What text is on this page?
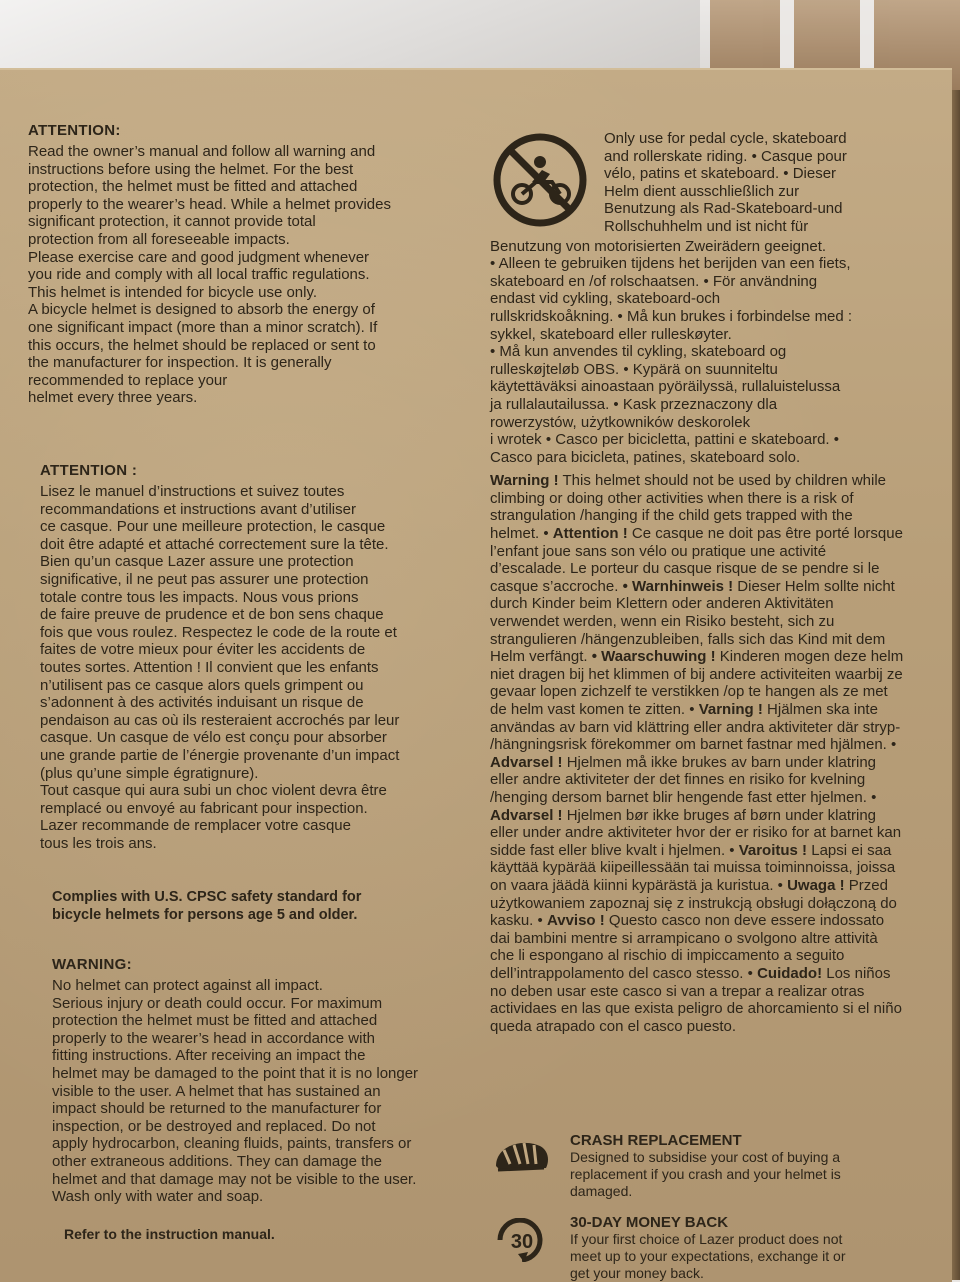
ATTENTION:
Read the owner’s manual and follow all warning and
instructions before using the helmet. For the best
protection, the helmet must be fitted and attached
properly to the wearer’s head. While a helmet provides
significant protection, it cannot provide total
protection from all foreseeable impacts.
Please exercise care and good judgment whenever
you ride and comply with all local traffic regulations.
This helmet is intended for bicycle use only.
A bicycle helmet is designed to absorb the energy of
one significant impact (more than a minor scratch). If
this occurs, the helmet should be replaced or sent to
the manufacturer for inspection. It is generally
recommended to replace your
helmet every three years.
ATTENTION :
Lisez le manuel d’instructions et suivez toutes
recommandations et instructions avant d’utiliser
ce casque. Pour une meilleure protection, le casque
doit être adapté et attaché correctement sure la tête.
Bien qu’un casque Lazer assure une protection
significative, il ne peut pas assurer une protection
totale contre tous les impacts. Nous vous prions
de faire preuve de prudence et de bon sens chaque
fois que vous roulez. Respectez le code de la route et
faites de votre mieux pour éviter les accidents de
toutes sortes. Attention ! Il convient que les enfants
n’utilisent pas ce casque alors quels grimpent ou
s’adonnent à des activités induisant un risque de
pendaison au cas où ils resteraient accrochés par leur
casque. Un casque de vélo est conçu pour absorber
une grande partie de l’énergie provenante d’un impact
(plus qu’une simple égratignure).
Tout casque qui aura subi un choc violent devra être
remplacé ou envoyé au fabricant pour inspection.
Lazer recommande de remplacer votre casque
tous les trois ans.
Complies with U.S. CPSC safety standard for
bicycle helmets for persons age 5 and older.
WARNING:
No helmet can protect against all impact.
Serious injury or death could occur. For maximum
protection the helmet must be fitted and attached
properly to the wearer’s head in accordance with
fitting instructions. After receiving an impact the
helmet may be damaged to the point that it is no longer
visible to the user. A helmet that has sustained an
impact should be returned to the manufacturer for
inspection, or be destroyed and replaced. Do not
apply hydrocarbon, cleaning fluids, paints, transfers or
other extraneous additions. They can damage the
helmet and that damage may not be visible to the user.
Wash only with water and soap.
Refer to the instruction manual.
Only use for pedal cycle, skateboard
and rollerskate riding. • Casque pour
vélo, patins et skateboard. • Dieser
Helm dient ausschließlich zur
Benutzung als Rad-Skateboard-und
Rollschuhhelm und ist nicht für
Benutzung von motorisierten Zweirädern geeignet.
• Alleen te gebruiken tijdens het berijden van een fiets,
skateboard en /of rolschaatsen. • För användning
endast vid cykling, skateboard-och
rullskridskoåkning. • Må kun brukes i forbindelse med :
sykkel, skateboard eller rulleskøyter.
• Må kun anvendes til cykling, skateboard og
rulleskøjteløb OBS. • Kypärä on suunniteltu
käytettäväksi ainoastaan pyöräilyssä, rullaluistelussa
ja rullalautailussa. • Kask przeznaczony dla
rowerzystów, użytkowników deskorolek
i wrotek • Casco per bicicletta, pattini e skateboard. •
Casco para bicicleta, patines, skateboard solo.
Warning ! This helmet should not be used by children while climbing or doing other activities when there is a risk of strangulation /hanging if the child gets trapped with the helmet. • Attention ! Ce casque ne doit pas être porté lorsque l’enfant joue sans son vélo ou pratique une activité d’escalade. Le porteur du casque risque de se pendre si le casque s’accroche. • Warnhinweis ! Dieser Helm sollte nicht durch Kinder beim Klettern oder anderen Aktivitäten verwendet werden, wenn ein Risiko besteht, sich zu strangulieren /hängenzubleiben, falls sich das Kind mit dem Helm verfängt. • Waarschuwing ! Kinderen mogen deze helm niet dragen bij het klimmen of bij andere activiteiten waarbij ze gevaar lopen zichzelf te verstikken /op te hangen als ze met de helm vast komen te zitten. • Varning ! Hjälmen ska inte användas av barn vid klättring eller andra aktiviteter där stryp- /hängningsrisk förekommer om barnet fastnar med hjälmen. • Advarsel ! Hjelmen må ikke brukes av barn under klatring eller andre aktiviteter der det finnes en risiko for kvelning /henging dersom barnet blir hengende fast etter hjelmen. • Advarsel ! Hjelmen bør ikke bruges af børn under klatring eller under andre aktiviteter hvor der er risiko for at barnet kan sidde fast eller blive kvalt i hjelmen. • Varoitus ! Lapsi ei saa käyttää kypärää kiipeillessään tai muissa toiminnoissa, joissa on vaara jäädä kiinni kypärästä ja kuristua. • Uwaga ! Przed użytkowaniem zapoznaj się z instrukcją obsługi dołączoną do kasku. • Avviso ! Questo casco non deve essere indossato dai bambini mentre si arrampicano o svolgono altre attività che li espongano al rischio di impiccamento a seguito dell’intrappolamento del casco stesso. • Cuidado! Los niños no deben usar este casco si van a trepar a realizar otras actividaes en las que exista peligro de ahorcamiento si el niño queda atrapado con el casco puesto.
CRASH REPLACEMENT
Designed to subsidise your cost of buying a
replacement if you crash and your helmet is
damaged.
30
30-DAY MONEY BACK
If your first choice of Lazer product does not
meet up to your expectations, exchange it or
get your money back.
